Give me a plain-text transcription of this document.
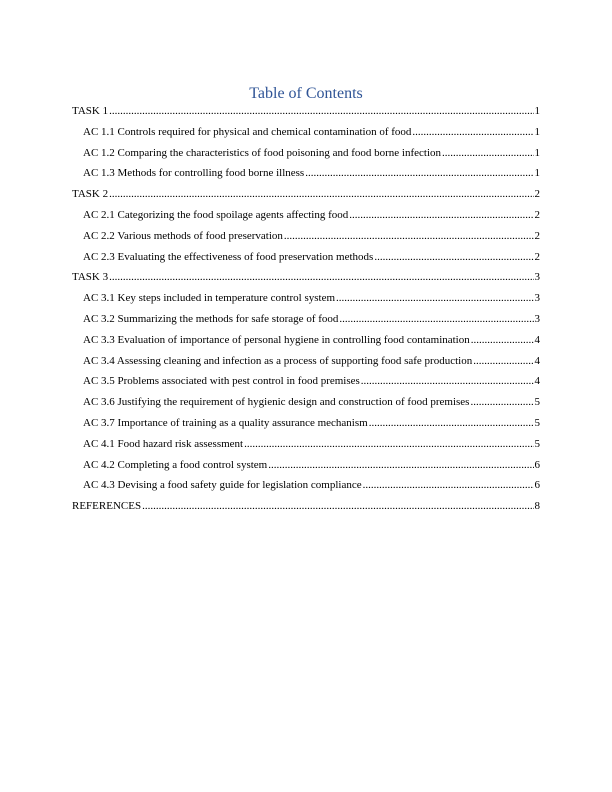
Table of Contents
TASK 1 .....	1
AC 1.1 Controls required for physical and chemical contamination of food .....	1
AC 1.2 Comparing the characteristics of food poisoning and food borne infection .....	1
AC 1.3 Methods for controlling food borne illness .....	1
TASK 2 .....	2
AC 2.1 Categorizing the food spoilage agents affecting food .....	2
AC 2.2 Various methods of food preservation .....	2
AC 2.3 Evaluating the effectiveness of food preservation methods .....	2
TASK 3 .....	3
AC 3.1 Key steps included in temperature control system .....	3
AC 3.2 Summarizing the methods for safe storage of food .....	3
AC 3.3 Evaluation of importance of personal hygiene in controlling food contamination .....	4
AC 3.4 Assessing cleaning and infection as a process of supporting food safe production .....	4
AC 3.5 Problems associated with pest control in food premises .....	4
AC 3.6 Justifying the requirement of hygienic design and construction of food premises .....	5
AC 3.7 Importance of training as a quality assurance mechanism .....	5
AC 4.1 Food hazard risk assessment .....	5
AC 4.2 Completing a food control system .....	6
AC 4.3 Devising a food safety guide for legislation compliance .....	6
REFERENCES .....	8
